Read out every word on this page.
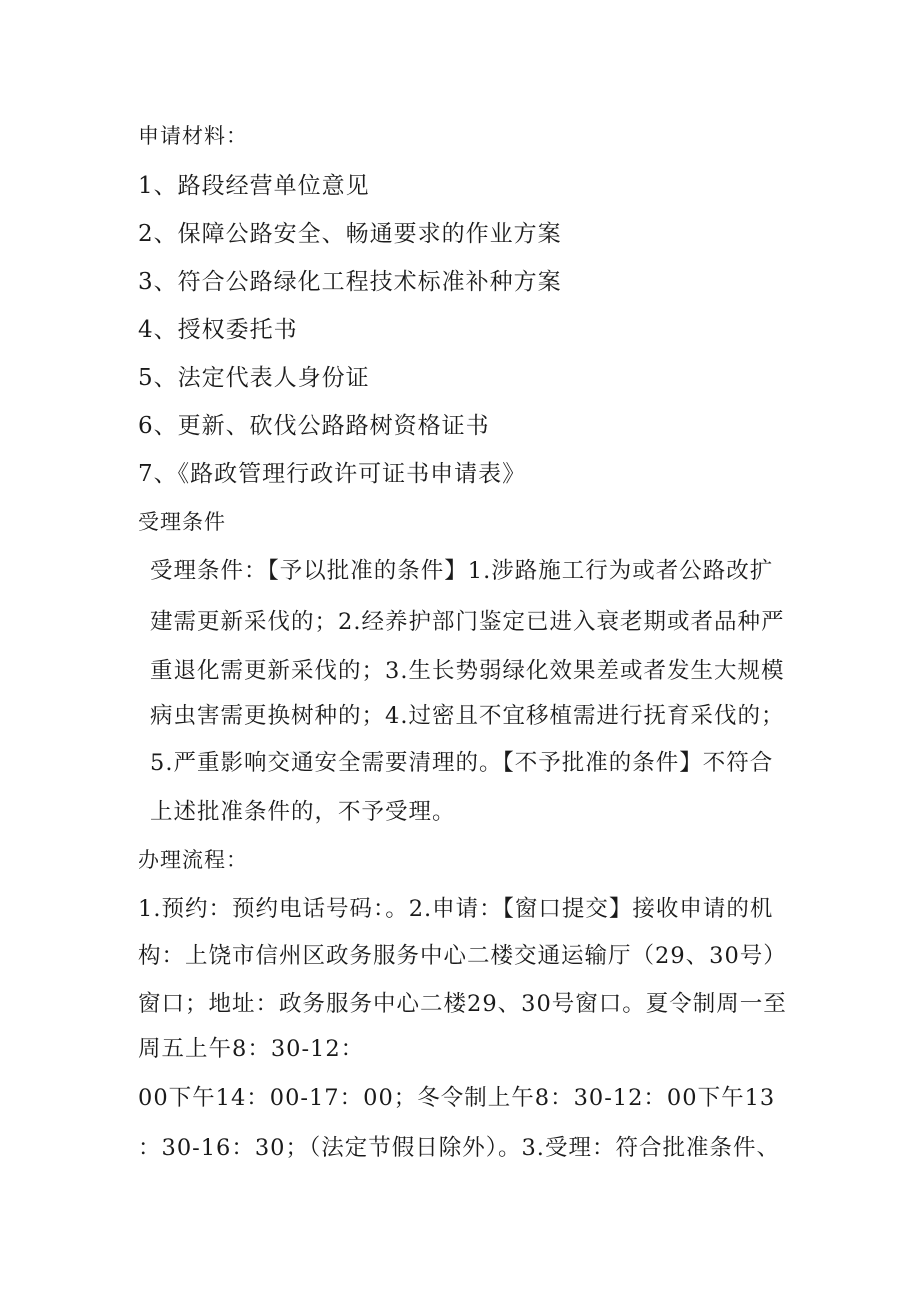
申请材料：
1、路段经营单位意见
2、保障公路安全、畅通要求的作业方案
3、符合公路绿化工程技术标准补种方案
4、授权委托书
5、法定代表人身份证
6、更新、砍伐公路路树资格证书
7、《路政管理行政许可证书申请表》
受理条件
受理条件：【予以批准的条件】1.涉路施工行为或者公路改扩
建需更新采伐的；2.经养护部门鉴定已进入衰老期或者品种严
重退化需更新采伐的；3.生长势弱绿化效果差或者发生大规模
病虫害需更换树种的；4.过密且不宜移植需进行抚育采伐的；
5.严重影响交通安全需要清理的。【不予批准的条件】不符合
上述批准条件的，不予受理。
办理流程：
1.预约：预约电话号码：。2.申请：【窗口提交】接收申请的机
构：上饶市信州区政务服务中心二楼交通运输厅（29、30号）
窗口；地址：政务服务中心二楼29、30号窗口。夏令制周一至
周五上午8：30-12：
00下午14：00-17：00；冬令制上午8：30-12：00下午13
：30-16：30；（法定节假日除外）。3.受理：符合批准条件、
